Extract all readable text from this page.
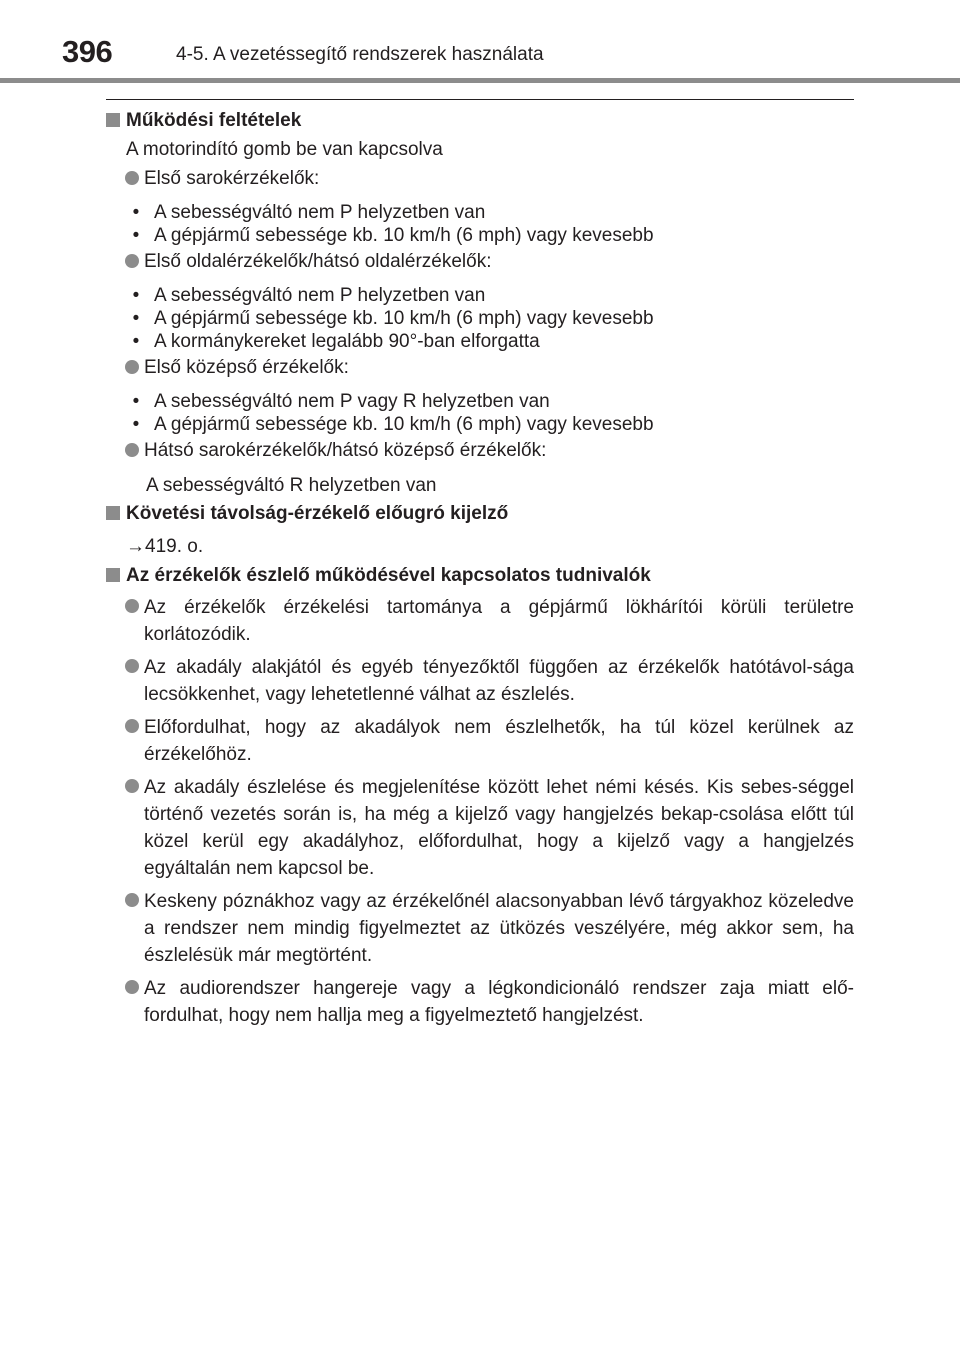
396	4-5. A vezetéssegítő rendszerek használata
Működési feltételek
A motorindító gomb be van kapcsolva
Első sarokérzékelők:
• A sebességváltó nem P helyzetben van
• A gépjármű sebessége kb. 10 km/h (6 mph) vagy kevesebb
Első oldalérzékelők/hátsó oldalérzékelők:
• A sebességváltó nem P helyzetben van
• A gépjármű sebessége kb. 10 km/h (6 mph) vagy kevesebb
• A kormánykereket legalább 90°-ban elforgatta
Első középső érzékelők:
• A sebességváltó nem P vagy R helyzetben van
• A gépjármű sebessége kb. 10 km/h (6 mph) vagy kevesebb
Hátsó sarokérzékelők/hátsó középső érzékelők:
A sebességváltó R helyzetben van
Követési távolság-érzékelő előugró kijelző
→419. o.
Az érzékelők észlelő működésével kapcsolatos tudnivalók
Az érzékelők érzékelési tartománya a gépjármű lökhárítói körüli területre korlátozódik.
Az akadály alakjától és egyéb tényezőktől függően az érzékelők hatótávol-sága lecsökkenhet, vagy lehetetlenné válhat az észlelés.
Előfordulhat, hogy az akadályok nem észlelhetők, ha túl közel kerülnek az érzékelőhöz.
Az akadály észlelése és megjelenítése között lehet némi késés. Kis sebes-séggel történő vezetés során is, ha még a kijelző vagy hangjelzés bekap-csolása előtt túl közel kerül egy akadályhoz, előfordulhat, hogy a kijelző vagy a hangjelzés egyáltalán nem kapcsol be.
Keskeny póznákhoz vagy az érzékelőnél alacsonyabban lévő tárgyakhoz közeledve a rendszer nem mindig figyelmeztet az ütközés veszélyére, még akkor sem, ha észlelésük már megtörtént.
Az audiorendszer hangereje vagy a légkondicionáló rendszer zaja miatt elő-fordulhat, hogy nem hallja meg a figyelmeztető hangjelzést.
